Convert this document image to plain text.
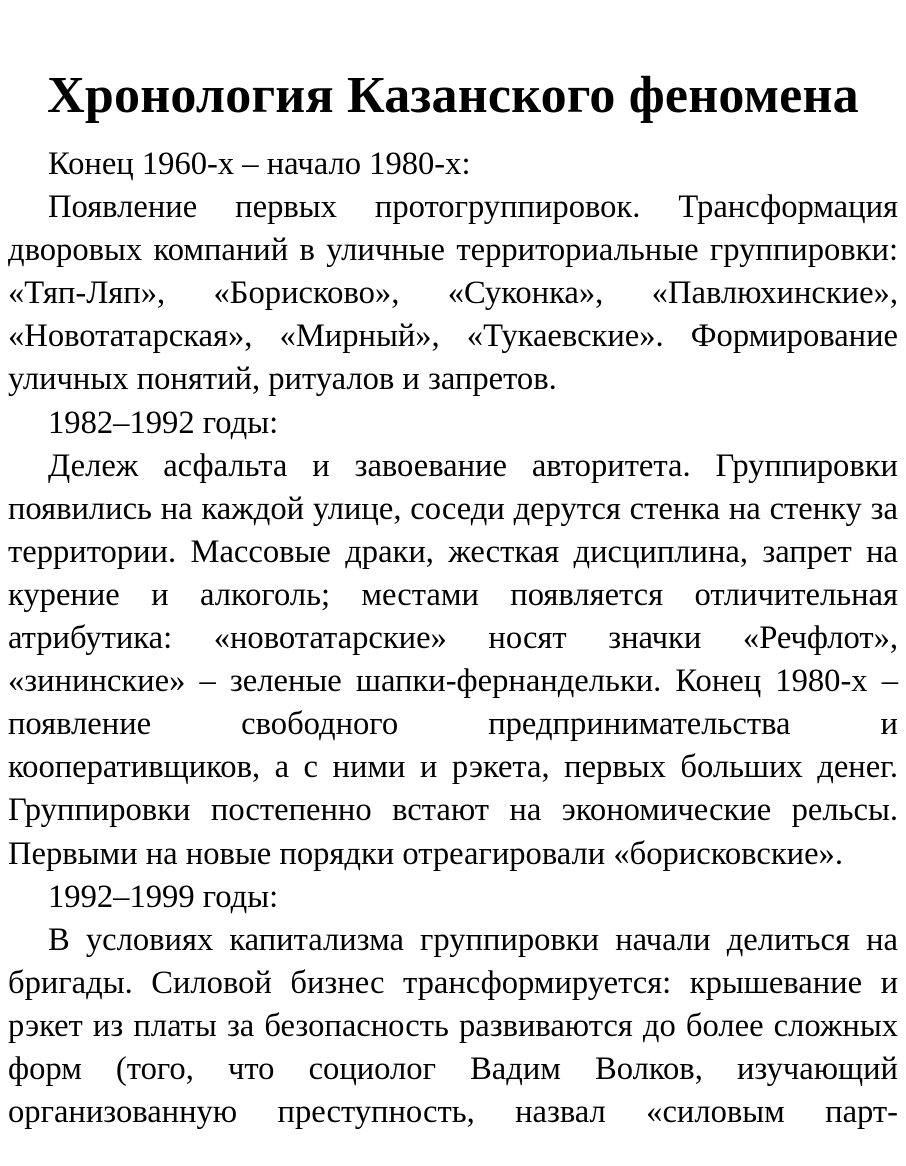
Хронология Казанского феномена

Конец 1960-х – начало 1980-х:

Появление первых протогруппировок. Трансформация дворовых компаний в уличные территориальные группировки: «Тяп-Ляп», «Борисково», «Суконка», «Павлюхинские», «Новотатарская», «Мирный», «Тукаевские». Формирование уличных понятий, ритуалов и запретов.

1982–1992 годы:

Дележ асфальта и завоевание авторитета. Группировки появились на каждой улице, соседи дерутся стенка на стенку за территории. Массовые драки, жесткая дисциплина, запрет на курение и алкоголь; местами появляется отличительная атрибутика: «новотатарские» носят значки «Речфлот», «зининские» – зеленые шапки-фернандельки. Конец 1980-х – появление свободного предпринимательства и кооперативщиков, а с ними и рэкета, первых больших денег. Группировки постепенно встают на экономические рельсы. Первыми на новые порядки отреагировали «борисковские».

1992–1999 годы:

В условиях капитализма группировки начали делиться на бригады. Силовой бизнес трансформируется: крышевание и рэкет из платы за безопасность развиваются до более сложных форм (того, что социолог Вадим Волков, изучающий организованную преступность, назвал «силовым парт-
